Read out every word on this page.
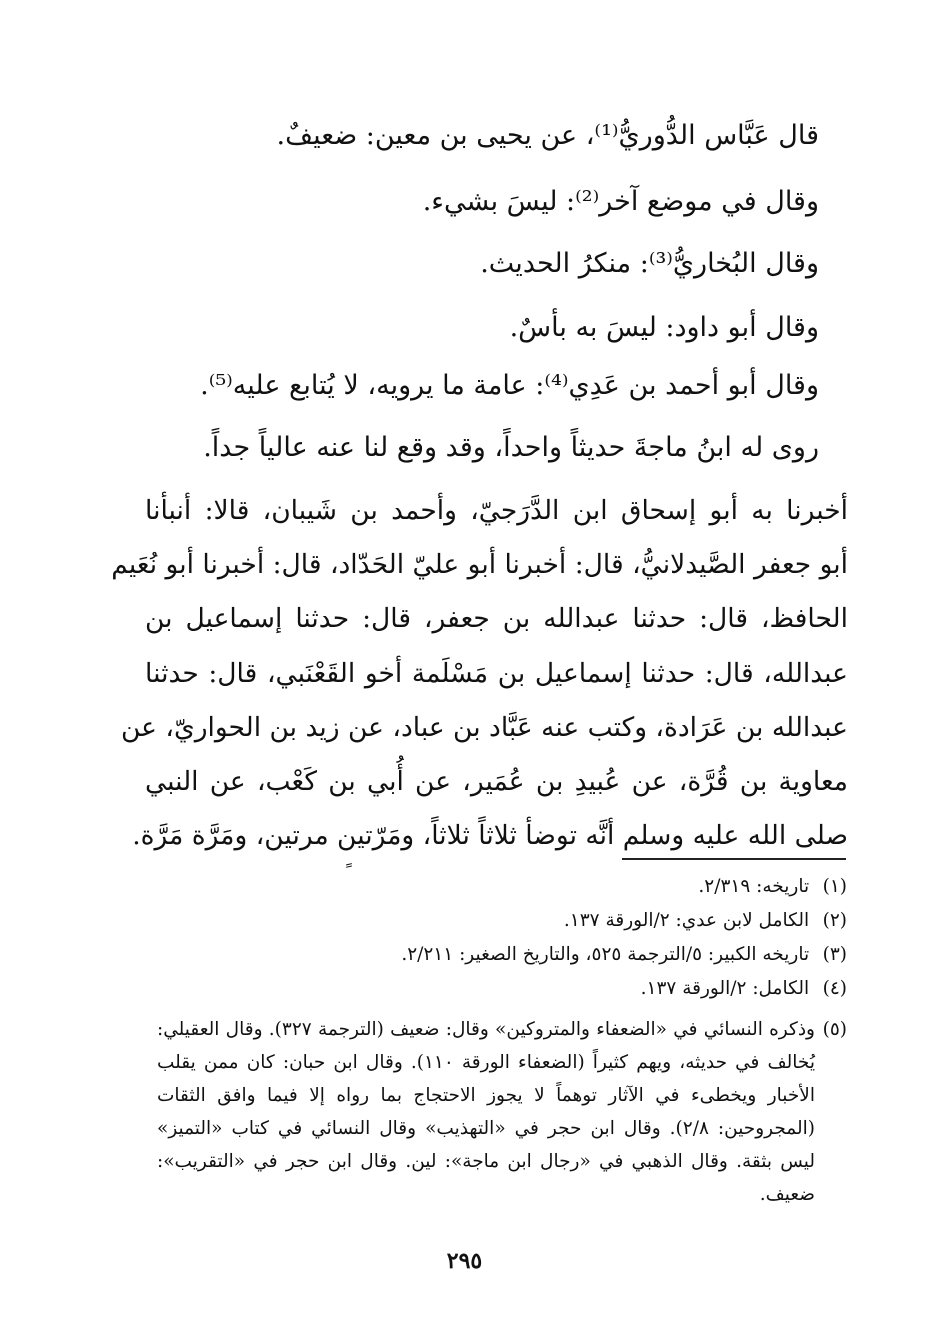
قال عَبَّاس الدُّوريُّ⁽¹⁾، عن يحيى بن معين: ضعيفٌ.
وقال في موضع آخر⁽²⁾: ليسَ بشيء.
وقال البُخاريُّ⁽³⁾: منكرُ الحديث.
وقال أبو داود: ليسَ به بأسٌ.
وقال أبو أحمد بن عَدِي⁽⁴⁾: عامة ما يرويه، لا يُتابع عليه⁽⁵⁾.
روى له ابنُ ماجةَ حديثاً واحداً، وقد وقع لنا عنه عالياً جداً.
أخبرنا به أبو إسحاق ابن الدَّرَجيّ، وأحمد بن شَيبان، قالا: أنبأنا
أبو جعفر الصَّيدلانيُّ، قال: أخبرنا أبو عليّ الحَدّاد، قال: أخبرنا أبو نُعَيم
الحافظ، قال: حدثنا عبدالله بن جعفر، قال: حدثنا إسماعيل بن
عبدالله، قال: حدثنا إسماعيل بن مَسْلَمة أخو القَعْنَبي، قال: حدثنا
عبدالله بن عَرَادة، وكتب عنه عَبَّاد بن عباد، عن زيد بن الحواريّ، عن
معاوية بن قُرَّة، عن عُبيدِ بن عُمَير، عن أُبي بن كَعْب، عن النبي
صلى الله عليه وسلم أنَّه توضأ ثلاثاً ثلاثاً، ومَرّتين مرتين، ومَرَّة مَرَّة.
(١) تاريخه: ٢/٣١٩.
(٢) الكامل لابن عدي: ٢/الورقة ١٣٧.
(٣) تاريخه الكبير: ٥/الترجمة ٥٢٥، والتاريخ الصغير: ٢/٢١١.
(٤) الكامل: ٢/الورقة ١٣٧.
(٥)وذكره النسائي في «الضعفاء والمتروكين» وقال: ضعيف (الترجمة ٣٢٧). وقال العقيلي:
يُخالف في حديثه، ويهم كثيراً (الضعفاء الورقة ١١٠). وقال ابن حبان: كان ممن يقلب
الأخبار ويخطىء في الآثار توهماً لا يجوز الاحتجاج بما رواه إلا فيما وافق الثقات
(المجروحين: ٢/٨). وقال ابن حجر في «التهذيب» وقال النسائي في كتاب «التميز»
ليس بثقة. وقال الذهبي في «رجال ابن ماجة»: لين. وقال ابن حجر في «التقريب»:
ضعيف.
٢٩٥
